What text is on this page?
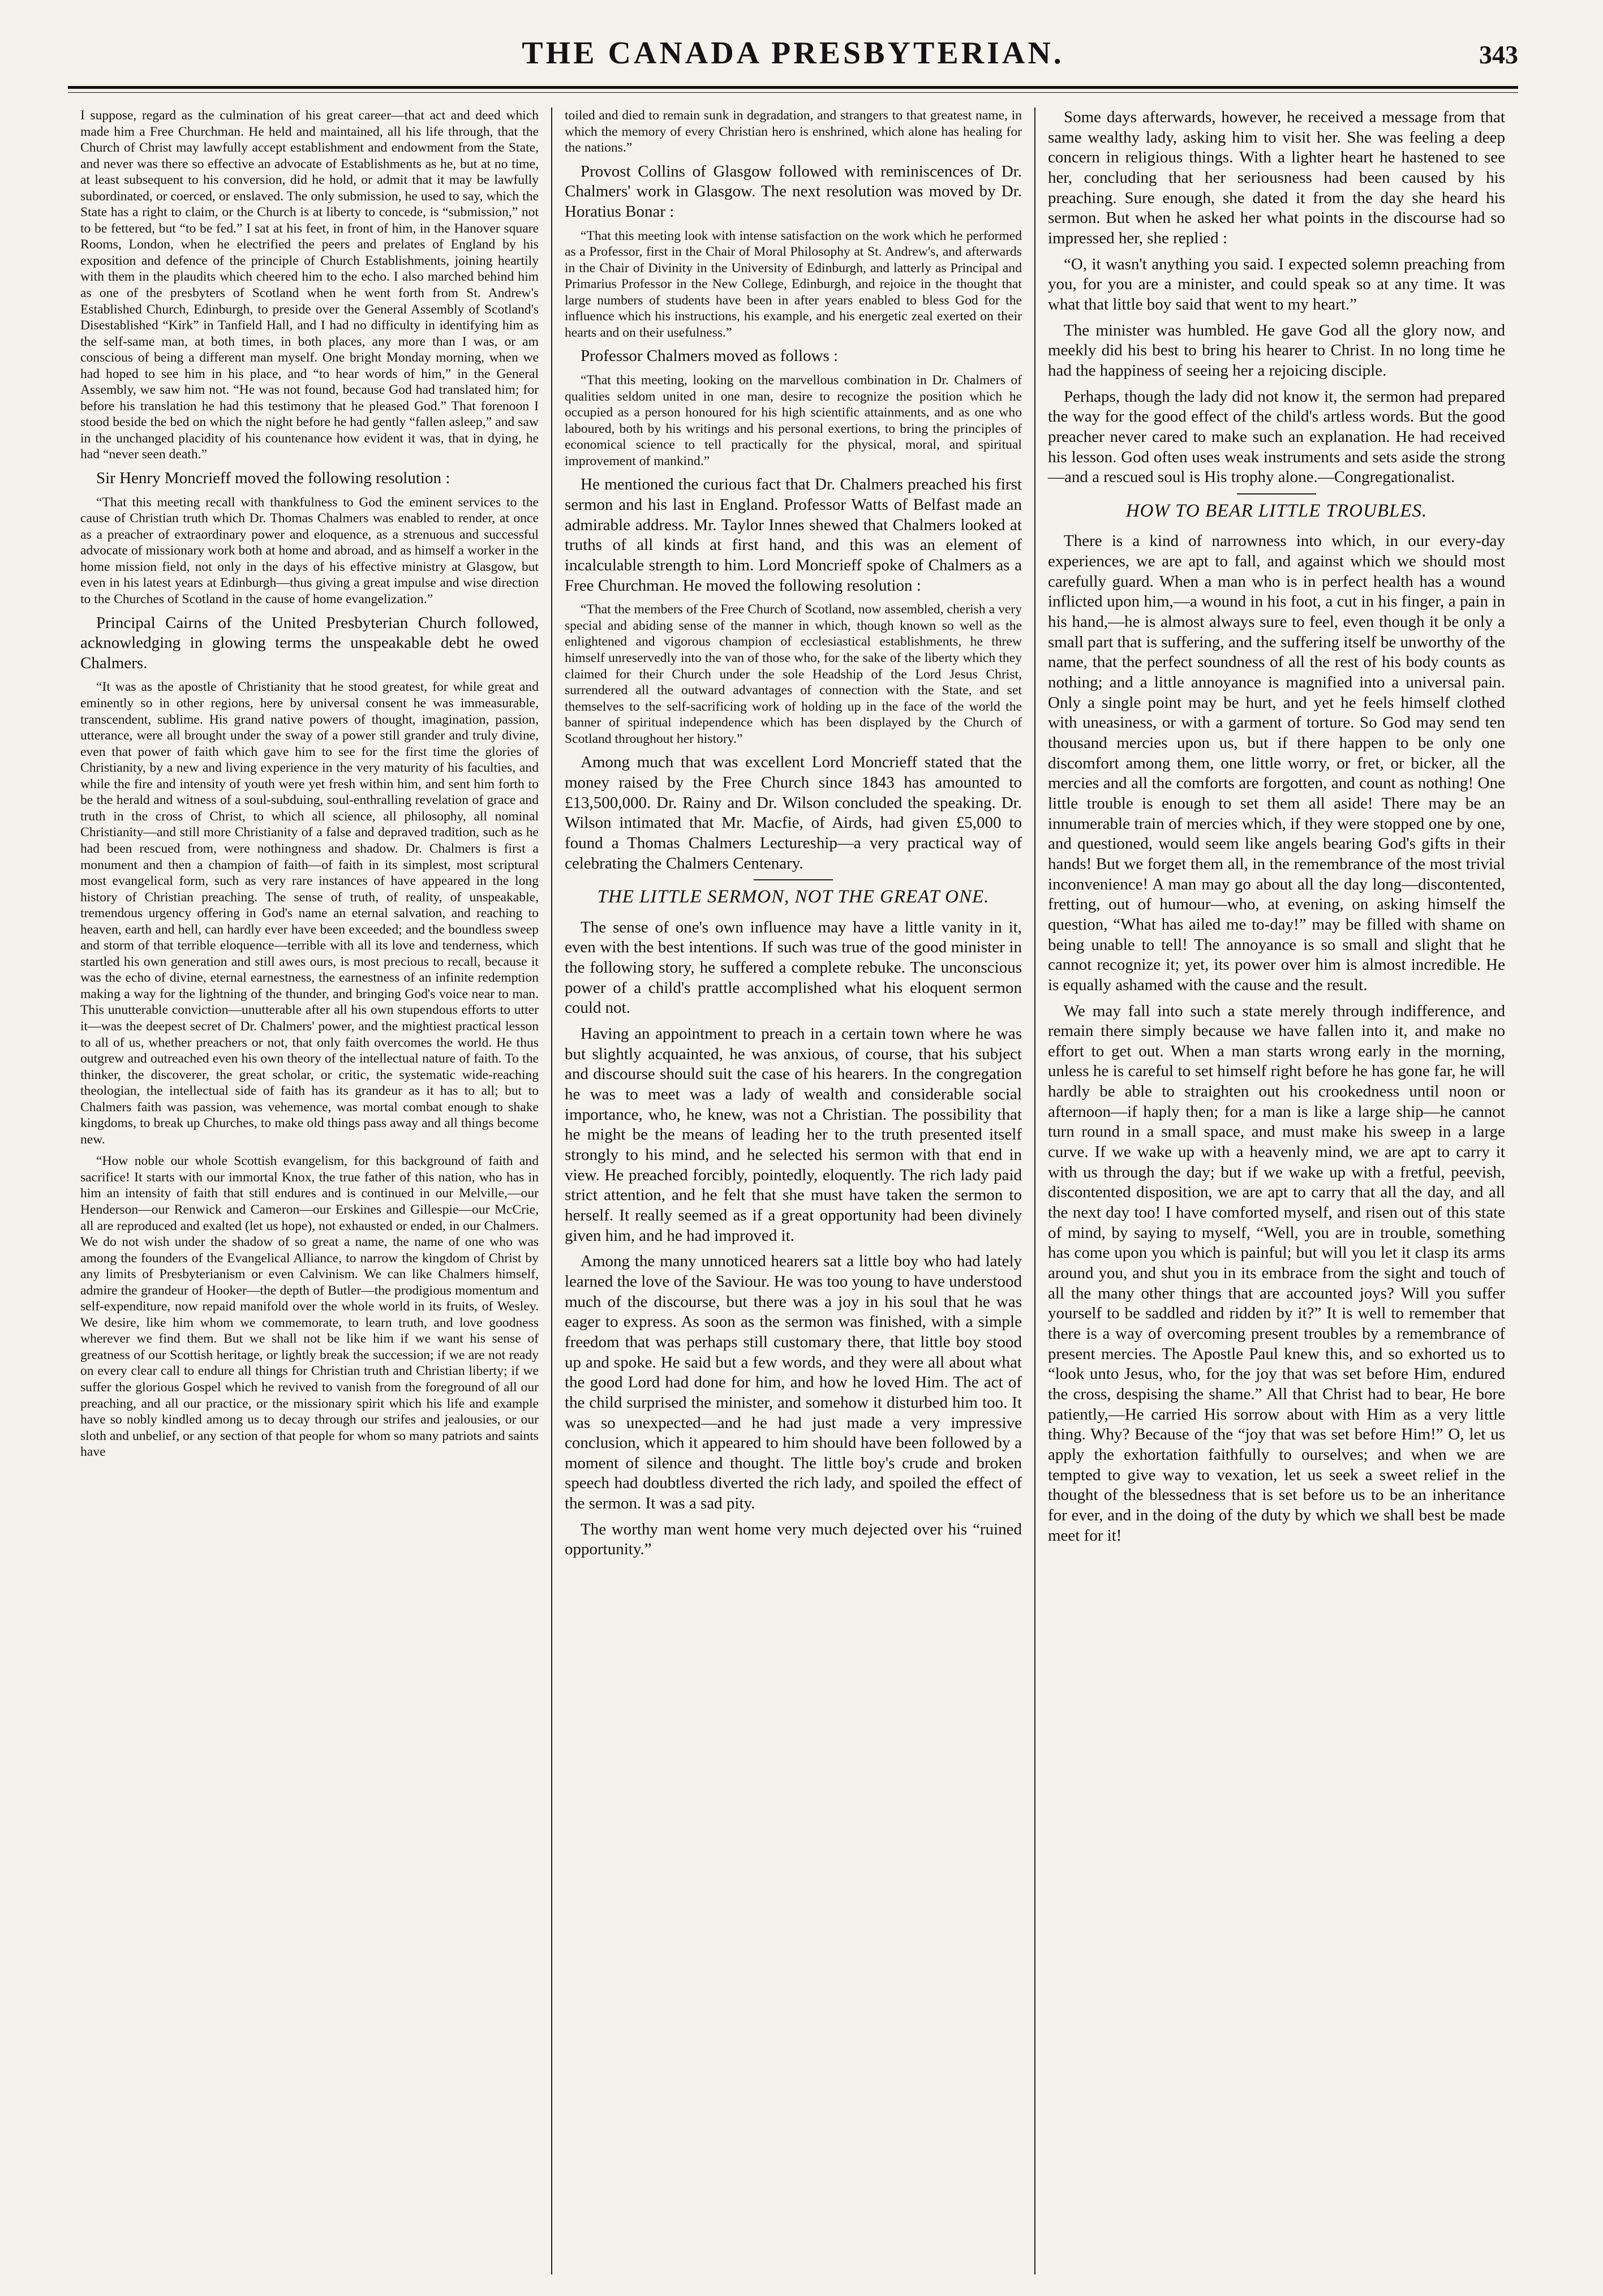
THE CANADA PRESBYTERIAN.	343

I suppose, regard as the culmination of his great career—that act and deed which made him a Free Churchman. He held and maintained, all his life through, that the Church of Christ may lawfully accept establishment and endowment from the State, and never was there so effective an advocate of Establishments as he, but at no time, at least subsequent to his conversion, did he hold, or admit that it may be lawfully subordinated, or coerced, or enslaved. The only submission, he used to say, which the State has a right to claim, or the Church is at liberty to concede, is “submission,” not to be fettered, but “to be fed.” I sat at his feet, in front of him, in the Hanover square Rooms, London, when he electrified the peers and prelates of England by his exposition and defence of the principle of Church Establishments, joining heartily with them in the plaudits which cheered him to the echo. I also marched behind him as one of the presbyters of Scotland when he went forth from St. Andrew's Established Church, Edinburgh, to preside over the General Assembly of Scotland's Disestablished “Kirk” in Tanfield Hall, and I had no difficulty in identifying him as the self-same man, at both times, in both places, any more than I was, or am conscious of being a different man myself. One bright Monday morning, when we had hoped to see him in his place, and “to hear words of him,” in the General Assembly, we saw him not. “He was not found, because God had translated him; for before his translation he had this testimony that he pleased God.” That forenoon I stood beside the bed on which the night before he had gently “fallen asleep,” and saw in the unchanged placidity of his countenance how evident it was, that in dying, he had “never seen death.”

Sir Henry Moncrieff moved the following resolution :

“That this meeting recall with thankfulness to God the eminent services to the cause of Christian truth which Dr. Thomas Chalmers was enabled to render, at once as a preacher of extraordinary power and eloquence, as a strenuous and successful advocate of missionary work both at home and abroad, and as himself a worker in the home mission field, not only in the days of his effective ministry at Glasgow, but even in his latest years at Edinburgh—thus giving a great impulse and wise direction to the Churches of Scotland in the cause of home evangelization.”

Principal Cairns of the United Presbyterian Church followed, acknowledging in glowing terms the unspeakable debt he owed Chalmers.

“It was as the apostle of Christianity that he stood greatest, for while great and eminently so in other regions, here by universal consent he was immeasurable, transcendent, sublime. His grand native powers of thought, imagination, passion, utterance, were all brought under the sway of a power still grander and truly divine, even that power of faith which gave him to see for the first time the glories of Christianity, by a new and living experience in the very maturity of his faculties, and while the fire and intensity of youth were yet fresh within him, and sent him forth to be the herald and witness of a soul-subduing, soul-enthralling revelation of grace and truth in the cross of Christ, to which all science, all philosophy, all nominal Christianity—and still more Christianity of a false and depraved tradition, such as he had been rescued from, were nothingness and shadow. Dr. Chalmers is first a monument and then a champion of faith—of faith in its simplest, most scriptural most evangelical form, such as very rare instances of have appeared in the long history of Christian preaching. The sense of truth, of reality, of unspeakable, tremendous urgency offering in God's name an eternal salvation, and reaching to heaven, earth and hell, can hardly ever have been exceeded; and the boundless sweep and storm of that terrible eloquence—terrible with all its love and tenderness, which startled his own generation and still awes ours, is most precious to recall, because it was the echo of divine, eternal earnestness, the earnestness of an infinite redemption making a way for the lightning of the thunder, and bringing God's voice near to man. This unutterable conviction—unutterable after all his own stupendous efforts to utter it—was the deepest secret of Dr. Chalmers' power, and the mightiest practical lesson to all of us, whether preachers or not, that only faith overcomes the world. He thus outgrew and outreached even his own theory of the intellectual nature of faith. To the thinker, the discoverer, the great scholar, or critic, the systematic wide-reaching theologian, the intellectual side of faith has its grandeur as it has to all; but to Chalmers faith was passion, was vehemence, was mortal combat enough to shake kingdoms, to break up Churches, to make old things pass away and all things become new.

“How noble our whole Scottish evangelism, for this background of faith and sacrifice! It starts with our immortal Knox, the true father of this nation, who has in him an intensity of faith that still endures and is continued in our Melville,—our Henderson—our Renwick and Cameron—our Erskines and Gillespie—our McCrie, all are reproduced and exalted (let us hope), not exhausted or ended, in our Chalmers. We do not wish under the shadow of so great a name, the name of one who was among the founders of the Evangelical Alliance, to narrow the kingdom of Christ by any limits of Presbyterianism or even Calvinism. We can like Chalmers himself, admire the grandeur of Hooker—the depth of Butler—the prodigious momentum and self-expenditure, now repaid manifold over the whole world in its fruits, of Wesley. We desire, like him whom we commemorate, to learn truth, and love goodness wherever we find them. But we shall not be like him if we want his sense of greatness of our Scottish heritage, or lightly break the succession; if we are not ready on every clear call to endure all things for Christian truth and Christian liberty; if we suffer the glorious Gospel which he revived to vanish from the foreground of all our preaching, and all our practice, or the missionary spirit which his life and example have so nobly kindled among us to decay through our strifes and jealousies, or our sloth and unbelief, or any section of that people for whom so many patriots and saints have

toiled and died to remain sunk in degradation, and strangers to that greatest name, in which the memory of every Christian hero is enshrined, which alone has healing for the nations.”

Provost Collins of Glasgow followed with reminiscences of Dr. Chalmers' work in Glasgow. The next resolution was moved by Dr. Horatius Bonar :

“That this meeting look with intense satisfaction on the work which he performed as a Professor, first in the Chair of Moral Philosophy at St. Andrew's, and afterwards in the Chair of Divinity in the University of Edinburgh, and latterly as Principal and Primarius Professor in the New College, Edinburgh, and rejoice in the thought that large numbers of students have been in after years enabled to bless God for the influence which his instructions, his example, and his energetic zeal exerted on their hearts and on their usefulness.”

Professor Chalmers moved as follows :

“That this meeting, looking on the marvellous combination in Dr. Chalmers of qualities seldom united in one man, desire to recognize the position which he occupied as a person honoured for his high scientific attainments, and as one who laboured, both by his writings and his personal exertions, to bring the principles of economical science to tell practically for the physical, moral, and spiritual improvement of mankind.”

He mentioned the curious fact that Dr. Chalmers preached his first sermon and his last in England. Professor Watts of Belfast made an admirable address. Mr. Taylor Innes shewed that Chalmers looked at truths of all kinds at first hand, and this was an element of incalculable strength to him. Lord Moncrieff spoke of Chalmers as a Free Churchman. He moved the following resolution :

“That the members of the Free Church of Scotland, now assembled, cherish a very special and abiding sense of the manner in which, though known so well as the enlightened and vigorous champion of ecclesiastical establishments, he threw himself unreservedly into the van of those who, for the sake of the liberty which they claimed for their Church under the sole Headship of the Lord Jesus Christ, surrendered all the outward advantages of connection with the State, and set themselves to the self-sacrificing work of holding up in the face of the world the banner of spiritual independence which has been displayed by the Church of Scotland throughout her history.”

Among much that was excellent Lord Moncrieff stated that the money raised by the Free Church since 1843 has amounted to £13,500,000. Dr. Rainy and Dr. Wilson concluded the speaking. Dr. Wilson intimated that Mr. Macfie, of Airds, had given £5,000 to found a Thomas Chalmers Lectureship—a very practical way of celebrating the Chalmers Centenary.

THE LITTLE SERMON, NOT THE GREAT ONE.

The sense of one's own influence may have a little vanity in it, even with the best intentions. If such was true of the good minister in the following story, he suffered a complete rebuke. The unconscious power of a child's prattle accomplished what his eloquent sermon could not.

Having an appointment to preach in a certain town where he was but slightly acquainted, he was anxious, of course, that his subject and discourse should suit the case of his hearers. In the congregation he was to meet was a lady of wealth and considerable social importance, who, he knew, was not a Christian. The possibility that he might be the means of leading her to the truth presented itself strongly to his mind, and he selected his sermon with that end in view. He preached forcibly, pointedly, eloquently. The rich lady paid strict attention, and he felt that she must have taken the sermon to herself. It really seemed as if a great opportunity had been divinely given him, and he had improved it.

Among the many unnoticed hearers sat a little boy who had lately learned the love of the Saviour. He was too young to have understood much of the discourse, but there was a joy in his soul that he was eager to express. As soon as the sermon was finished, with a simple freedom that was perhaps still customary there, that little boy stood up and spoke. He said but a few words, and they were all about what the good Lord had done for him, and how he loved Him. The act of the child surprised the minister, and somehow it disturbed him too. It was so unexpected—and he had just made a very impressive conclusion, which it appeared to him should have been followed by a moment of silence and thought. The little boy's crude and broken speech had doubtless diverted the rich lady, and spoiled the effect of the sermon. It was a sad pity.

The worthy man went home very much dejected over his “ruined opportunity.”

Some days afterwards, however, he received a message from that same wealthy lady, asking him to visit her. She was feeling a deep concern in religious things. With a lighter heart he hastened to see her, concluding that her seriousness had been caused by his preaching. Sure enough, she dated it from the day she heard his sermon. But when he asked her what points in the discourse had so impressed her, she replied :

“O, it wasn't anything you said. I expected solemn preaching from you, for you are a minister, and could speak so at any time. It was what that little boy said that went to my heart.”

The minister was humbled. He gave God all the glory now, and meekly did his best to bring his hearer to Christ. In no long time he had the happiness of seeing her a rejoicing disciple.

Perhaps, though the lady did not know it, the sermon had prepared the way for the good effect of the child's artless words. But the good preacher never cared to make such an explanation. He had received his lesson. God often uses weak instruments and sets aside the strong—and a rescued soul is His trophy alone.—Congregationalist.

HOW TO BEAR LITTLE TROUBLES.

There is a kind of narrowness into which, in our every-day experiences, we are apt to fall, and against which we should most carefully guard. When a man who is in perfect health has a wound inflicted upon him,—a wound in his foot, a cut in his finger, a pain in his hand,—he is almost always sure to feel, even though it be only a small part that is suffering, and the suffering itself be unworthy of the name, that the perfect soundness of all the rest of his body counts as nothing; and a little annoyance is magnified into a universal pain. Only a single point may be hurt, and yet he feels himself clothed with uneasiness, or with a garment of torture. So God may send ten thousand mercies upon us, but if there happen to be only one discomfort among them, one little worry, or fret, or bicker, all the mercies and all the comforts are forgotten, and count as nothing! One little trouble is enough to set them all aside! There may be an innumerable train of mercies which, if they were stopped one by one, and questioned, would seem like angels bearing God's gifts in their hands! But we forget them all, in the remembrance of the most trivial inconvenience! A man may go about all the day long—discontented, fretting, out of humour—who, at evening, on asking himself the question, “What has ailed me to-day!” may be filled with shame on being unable to tell! The annoyance is so small and slight that he cannot recognize it; yet, its power over him is almost incredible. He is equally ashamed with the cause and the result.

We may fall into such a state merely through indifference, and remain there simply because we have fallen into it, and make no effort to get out. When a man starts wrong early in the morning, unless he is careful to set himself right before he has gone far, he will hardly be able to straighten out his crookedness until noon or afternoon—if haply then; for a man is like a large ship—he cannot turn round in a small space, and must make his sweep in a large curve. If we wake up with a heavenly mind, we are apt to carry it with us through the day; but if we wake up with a fretful, peevish, discontented disposition, we are apt to carry that all the day, and all the next day too! I have comforted myself, and risen out of this state of mind, by saying to myself, “Well, you are in trouble, something has come upon you which is painful; but will you let it clasp its arms around you, and shut you in its embrace from the sight and touch of all the many other things that are accounted joys? Will you suffer yourself to be saddled and ridden by it?” It is well to remember that there is a way of overcoming present troubles by a remembrance of present mercies. The Apostle Paul knew this, and so exhorted us to “look unto Jesus, who, for the joy that was set before Him, endured the cross, despising the shame.” All that Christ had to bear, He bore patiently,—He carried His sorrow about with Him as a very little thing. Why? Because of the “joy that was set before Him!” O, let us apply the exhortation faithfully to ourselves; and when we are tempted to give way to vexation, let us seek a sweet relief in the thought of the blessedness that is set before us to be an inheritance for ever, and in the doing of the duty by which we shall best be made meet for it!
